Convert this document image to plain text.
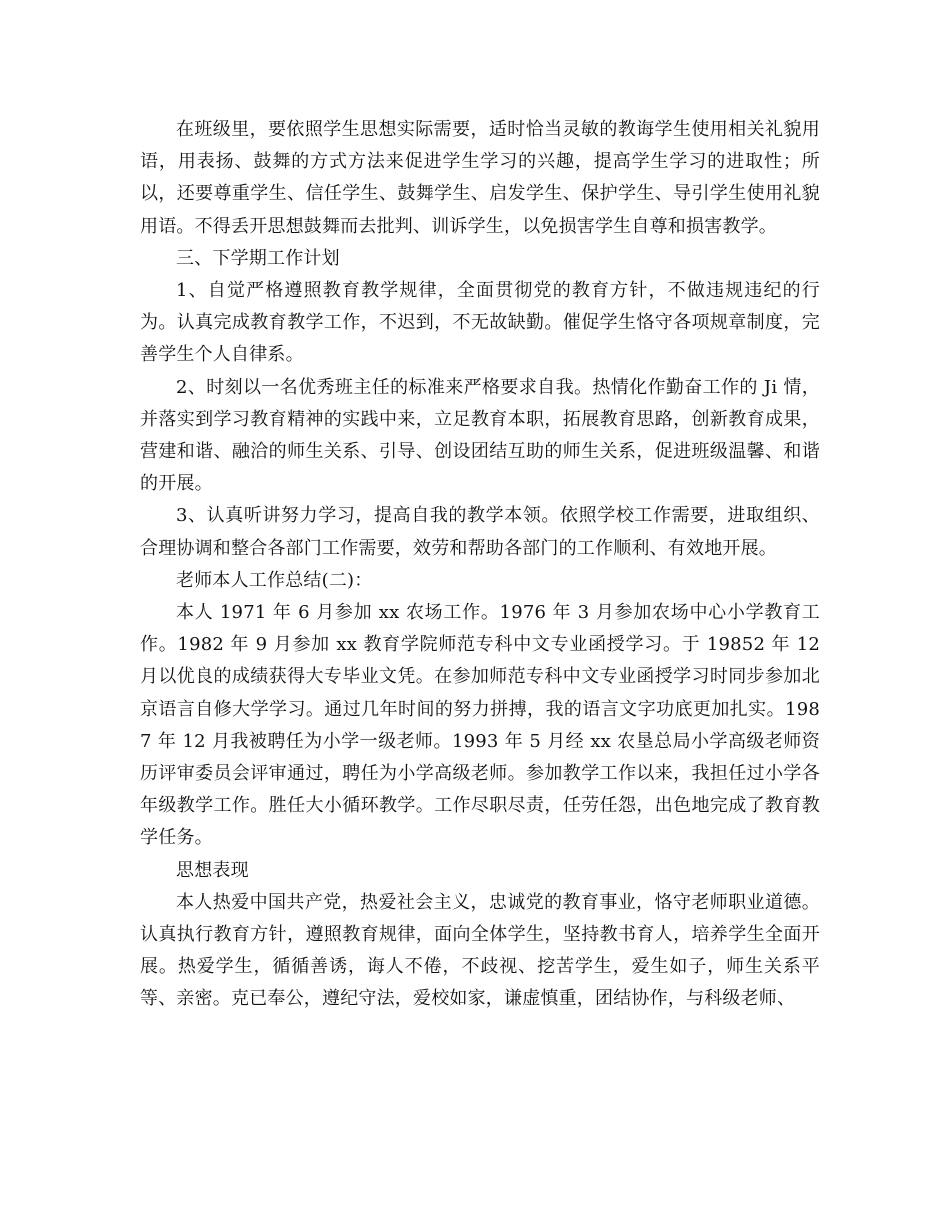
在班级里，要依照学生思想实际需要，适时恰当灵敏的教诲学生使用相关礼貌用语，用表扬、鼓舞的方式方法来促进学生学习的兴趣，提高学生学习的进取性；所以，还要尊重学生、信任学生、鼓舞学生、启发学生、保护学生、导引学生使用礼貌用语。不得丢开思想鼓舞而去批判、训诉学生，以免损害学生自尊和损害教学。

三、下学期工作计划

1、自觉严格遵照教育教学规律，全面贯彻党的教育方针，不做违规违纪的行为。认真完成教育教学工作，不迟到，不无故缺勤。催促学生恪守各项规章制度，完善学生个人自律系。

2、时刻以一名优秀班主任的标准来严格要求自我。热情化作勤奋工作的 Ji 情，并落实到学习教育精神的实践中来，立足教育本职，拓展教育思路，创新教育成果，营建和谐、融洽的师生关系、引导、创设团结互助的师生关系，促进班级温馨、和谐的开展。

3、认真听讲努力学习，提高自我的教学本领。依照学校工作需要，进取组织、合理协调和整合各部门工作需要，效劳和帮助各部门的工作顺利、有效地开展。

老师本人工作总结(二)：

本人 1971 年 6 月参加 xx 农场工作。1976 年 3 月参加农场中心小学教育工作。1982 年 9 月参加 xx 教育学院师范专科中文专业函授学习。于 19852 年 12 月以优良的成绩获得大专毕业文凭。在参加师范专科中文专业函授学习时同步参加北京语言自修大学学习。通过几年时间的努力拼搏，我的语言文字功底更加扎实。1987 年 12 月我被聘任为小学一级老师。1993 年 5 月经 xx 农垦总局小学高级老师资历评审委员会评审通过，聘任为小学高级老师。参加教学工作以来，我担任过小学各年级教学工作。胜任大小循环教学。工作尽职尽责，任劳任怨，出色地完成了教育教学任务。

思想表现

本人热爱中国共产党，热爱社会主义，忠诚党的教育事业，恪守老师职业道德。认真执行教育方针，遵照教育规律，面向全体学生，坚持教书育人，培养学生全面开展。热爱学生，循循善诱，诲人不倦，不歧视、挖苦学生，爱生如子，师生关系平等、亲密。克已奉公，遵纪守法，爱校如家，谦虚慎重，团结协作，与科级老师、
